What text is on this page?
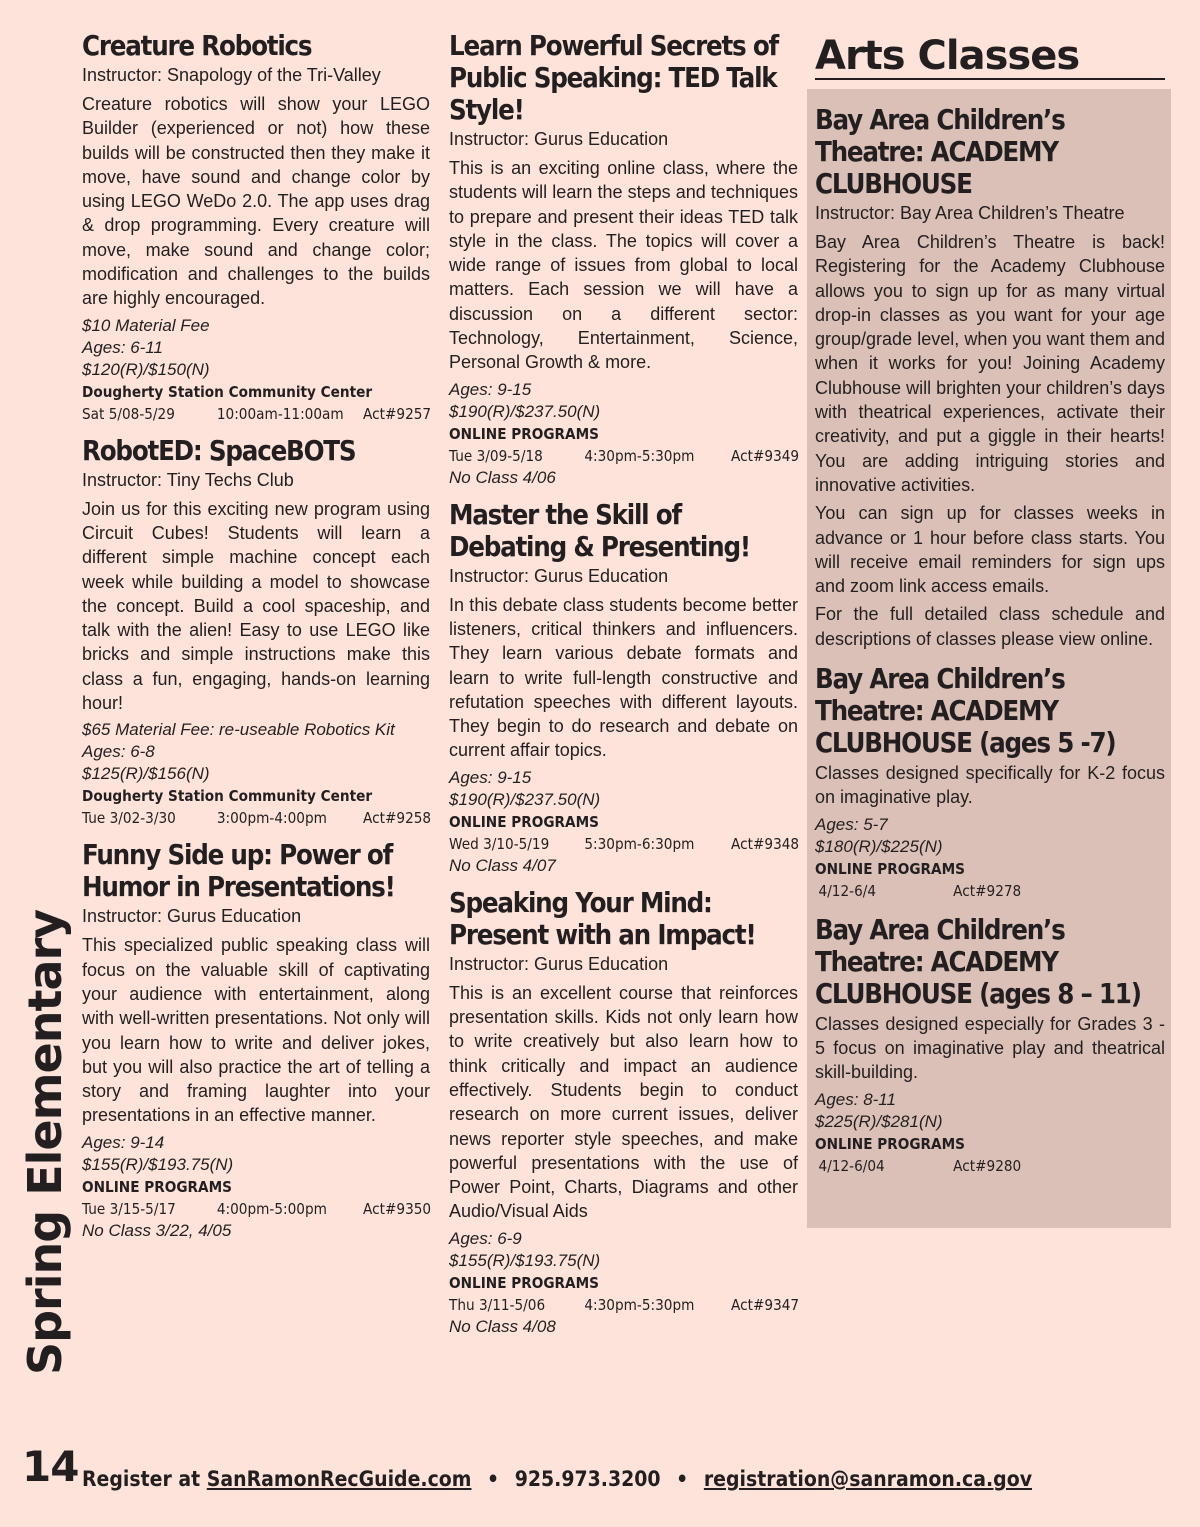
Creature Robotics
Instructor: Snapology of the Tri-Valley

Creature robotics will show your LEGO Builder (experienced or not) how these builds will be constructed then they make it move, have sound and change color by using LEGO WeDo 2.0. The app uses drag & drop programming. Every creature will move, make sound and change color; modification and challenges to the builds are highly encouraged.

$10 Material Fee
Ages: 6-11
$120(R)/$150(N)
Dougherty Station Community Center
Sat 5/08-5/29	10:00am-11:00am	Act#9257
RobotED: SpaceBOTS
Instructor: Tiny Techs Club

Join us for this exciting new program using Circuit Cubes! Students will learn a different simple machine concept each week while building a model to showcase the concept. Build a cool spaceship, and talk with the alien! Easy to use LEGO like bricks and simple instructions make this class a fun, engaging, hands-on learning hour!

$65 Material Fee: re-useable Robotics Kit
Ages: 6-8
$125(R)/$156(N)
Dougherty Station Community Center
Tue 3/02-3/30	3:00pm-4:00pm	Act#9258
Funny Side up: Power of Humor in Presentations!
Instructor: Gurus Education

This specialized public speaking class will focus on the valuable skill of captivating your audience with entertainment, along with well-written presentations. Not only will you learn how to write and deliver jokes, but you will also practice the art of telling a story and framing laughter into your presentations in an effective manner.

Ages: 9-14
$155(R)/$193.75(N)
ONLINE PROGRAMS
Tue 3/15-5/17	4:00pm-5:00pm	Act#9350
No Class 3/22, 4/05
Learn Powerful Secrets of Public Speaking: TED Talk Style!
Instructor: Gurus Education

This is an exciting online class, where the students will learn the steps and techniques to prepare and present their ideas TED talk style in the class. The topics will cover a wide range of issues from global to local matters. Each session we will have a discussion on a different sector: Technology, Entertainment, Science, Personal Growth & more.

Ages: 9-15
$190(R)/$237.50(N)
ONLINE PROGRAMS
Tue 3/09-5/18	4:30pm-5:30pm	Act#9349
No Class 4/06
Master the Skill of Debating & Presenting!
Instructor: Gurus Education

In this debate class students become better listeners, critical thinkers and influencers. They learn various debate formats and learn to write full-length constructive and refutation speeches with different layouts. They begin to do research and debate on current affair topics.

Ages: 9-15
$190(R)/$237.50(N)
ONLINE PROGRAMS
Wed 3/10-5/19	5:30pm-6:30pm	Act#9348
No Class 4/07
Speaking Your Mind: Present with an Impact!
Instructor: Gurus Education

This is an excellent course that reinforces presentation skills. Kids not only learn how to write creatively but also learn how to think critically and impact an audience effectively. Students begin to conduct research on more current issues, deliver news reporter style speeches, and make powerful presentations with the use of Power Point, Charts, Diagrams and other Audio/Visual Aids

Ages: 6-9
$155(R)/$193.75(N)
ONLINE PROGRAMS
Thu 3/11-5/06	4:30pm-5:30pm	Act#9347
No Class 4/08
Arts Classes
Bay Area Children’s Theatre: ACADEMY CLUBHOUSE
Instructor: Bay Area Children’s Theatre

Bay Area Children’s Theatre is back! Registering for the Academy Clubhouse allows you to sign up for as many virtual drop-in classes as you want for your age group/grade level, when you want them and when it works for you! Joining Academy Clubhouse will brighten your children’s days with theatrical experiences, activate their creativity, and put a giggle in their hearts! You are adding intriguing stories and innovative activities.

You can sign up for classes weeks in advance or 1 hour before class starts. You will receive email reminders for sign ups and zoom link access emails.

For the full detailed class schedule and descriptions of classes please view online.

Bay Area Children’s Theatre: ACADEMY CLUBHOUSE (ages 5 -7)

Classes designed specifically for K-2 focus on imaginative play.

Ages: 5-7
$180(R)/$225(N)
ONLINE PROGRAMS
4/12-6/4	Act#9278
Bay Area Children’s Theatre: ACADEMY CLUBHOUSE (ages 8 – 11)

Classes designed especially for Grades 3 - 5 focus on imaginative play and theatrical skill-building.

Ages: 8-11
$225(R)/$281(N)
ONLINE PROGRAMS
4/12-6/04	Act#9280
Spring Elementary
14 Register at SanRamonRecGuide.com • 925.973.3200 • registration@sanramon.ca.gov
